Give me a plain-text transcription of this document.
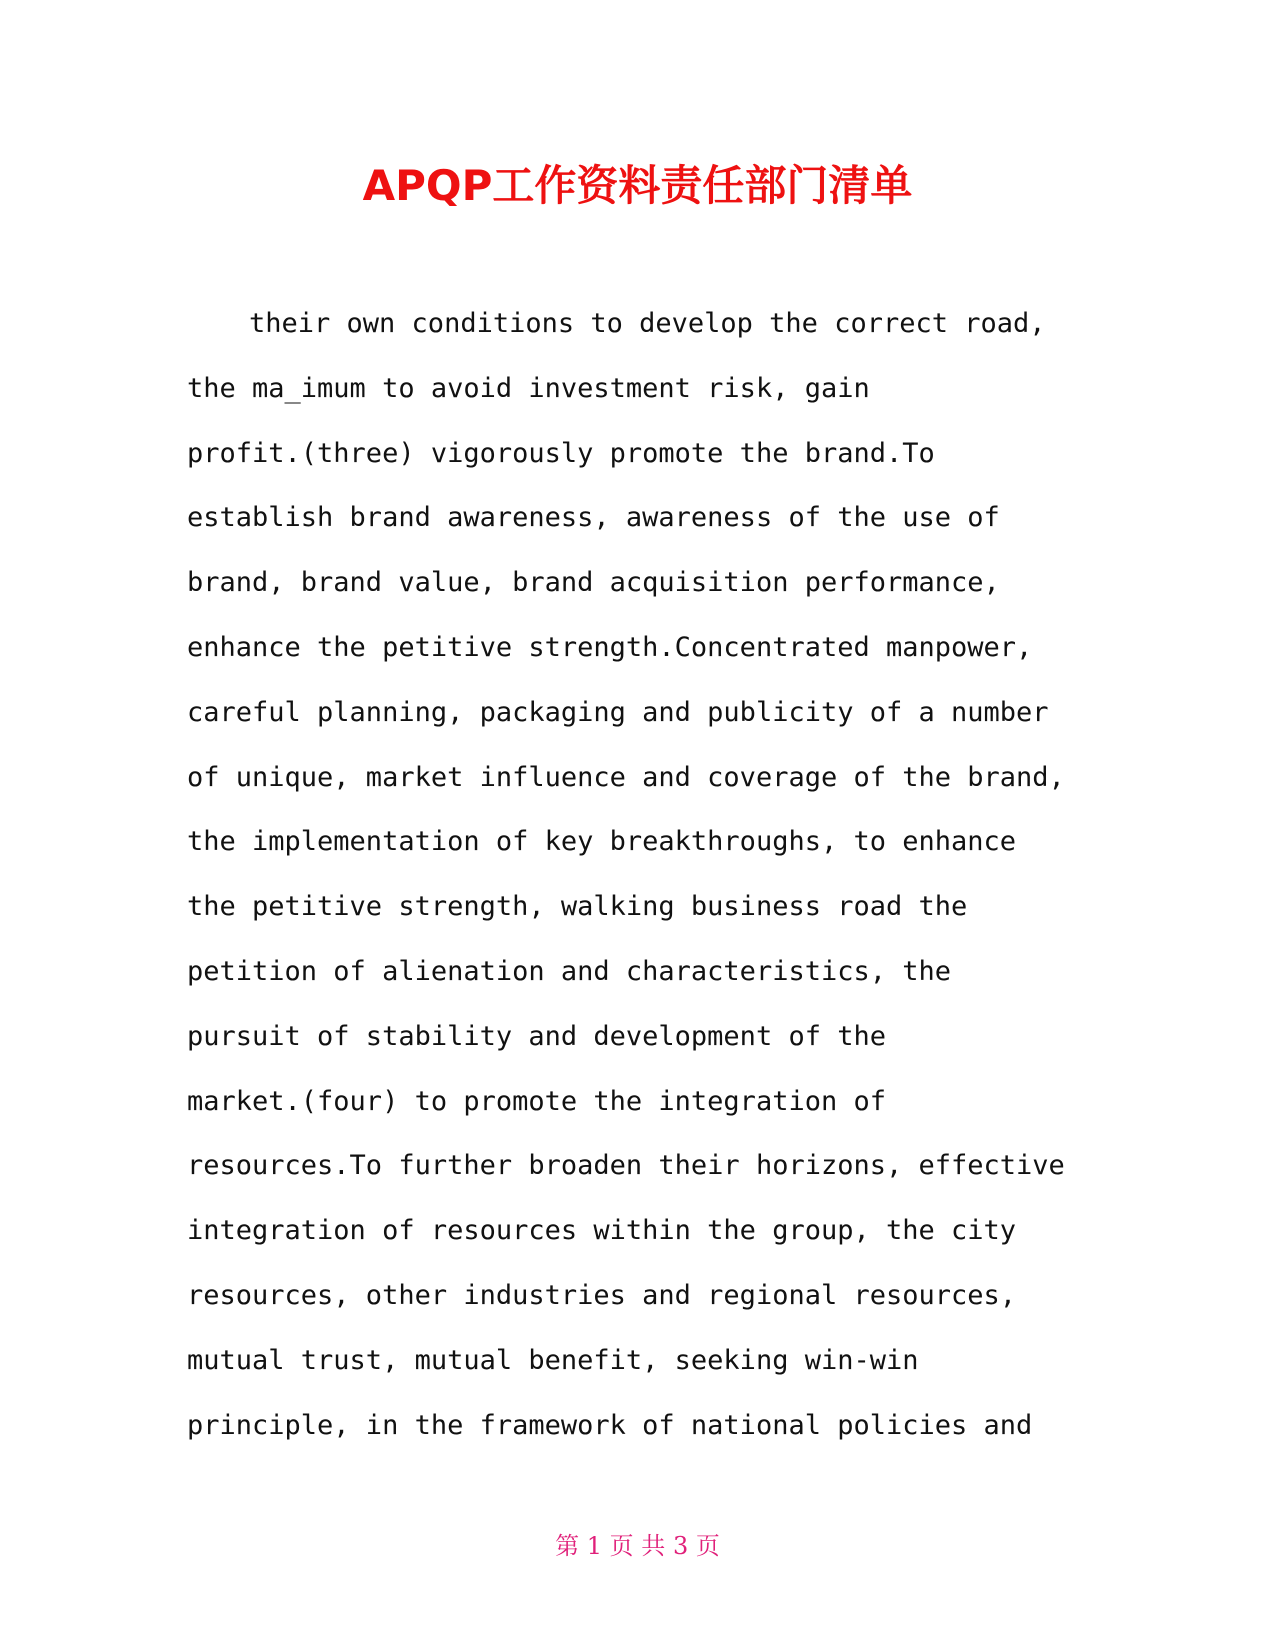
APQP工作资料责任部门清单
their own conditions to develop the correct road,
the ma_imum to avoid investment risk, gain
profit.(three) vigorously promote the brand.To
establish brand awareness, awareness of the use of
brand, brand value, brand acquisition performance,
enhance the petitive strength.Concentrated manpower,
careful planning, packaging and publicity of a number
of unique, market influence and coverage of the brand,
the implementation of key breakthroughs, to enhance
the petitive strength, walking business road the
petition of alienation and characteristics, the
pursuit of stability and development of the
market.(four) to promote the integration of
resources.To further broaden their horizons, effective
integration of resources within the group, the city
resources, other industries and regional resources,
mutual trust, mutual benefit, seeking win-win
principle, in the framework of national policies and
第 1 页 共 3 页
